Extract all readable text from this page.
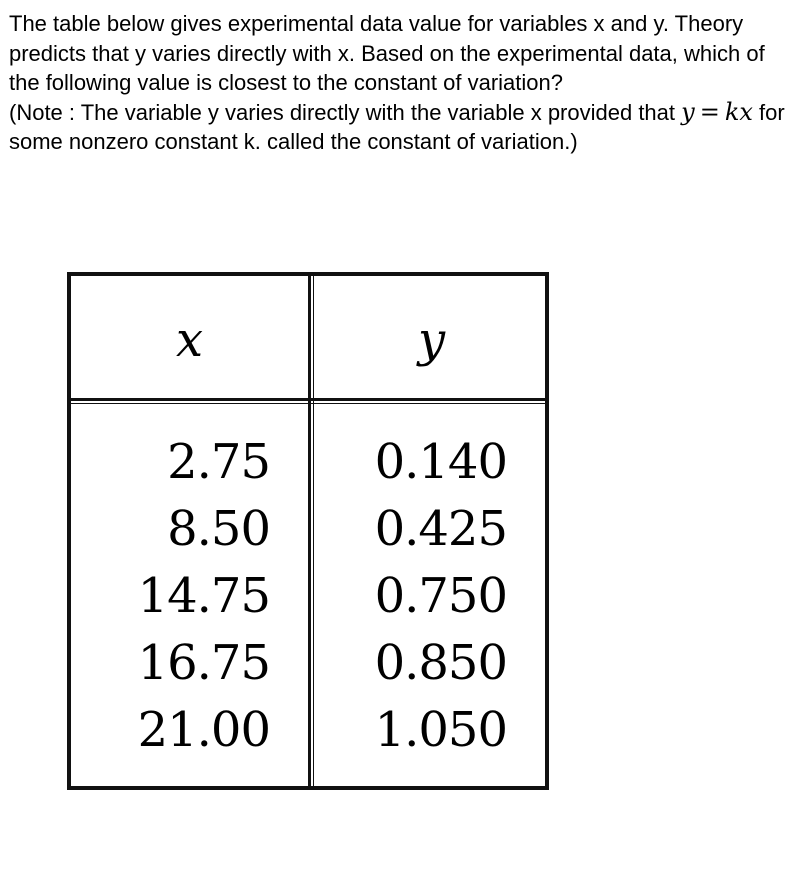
The table below gives experimental data value for variables x and y. Theory predicts that y varies directly with x. Based on the experimental data, which of the following value is closest to the constant of variation?

(Note : The variable y varies directly with the variable x provided that y = kx for some nonzero constant k. called the constant of variation.)

x	y
2.75
8.50
14.75
16.75
21.00
0.140
0.425
0.750
0.850
1.050
